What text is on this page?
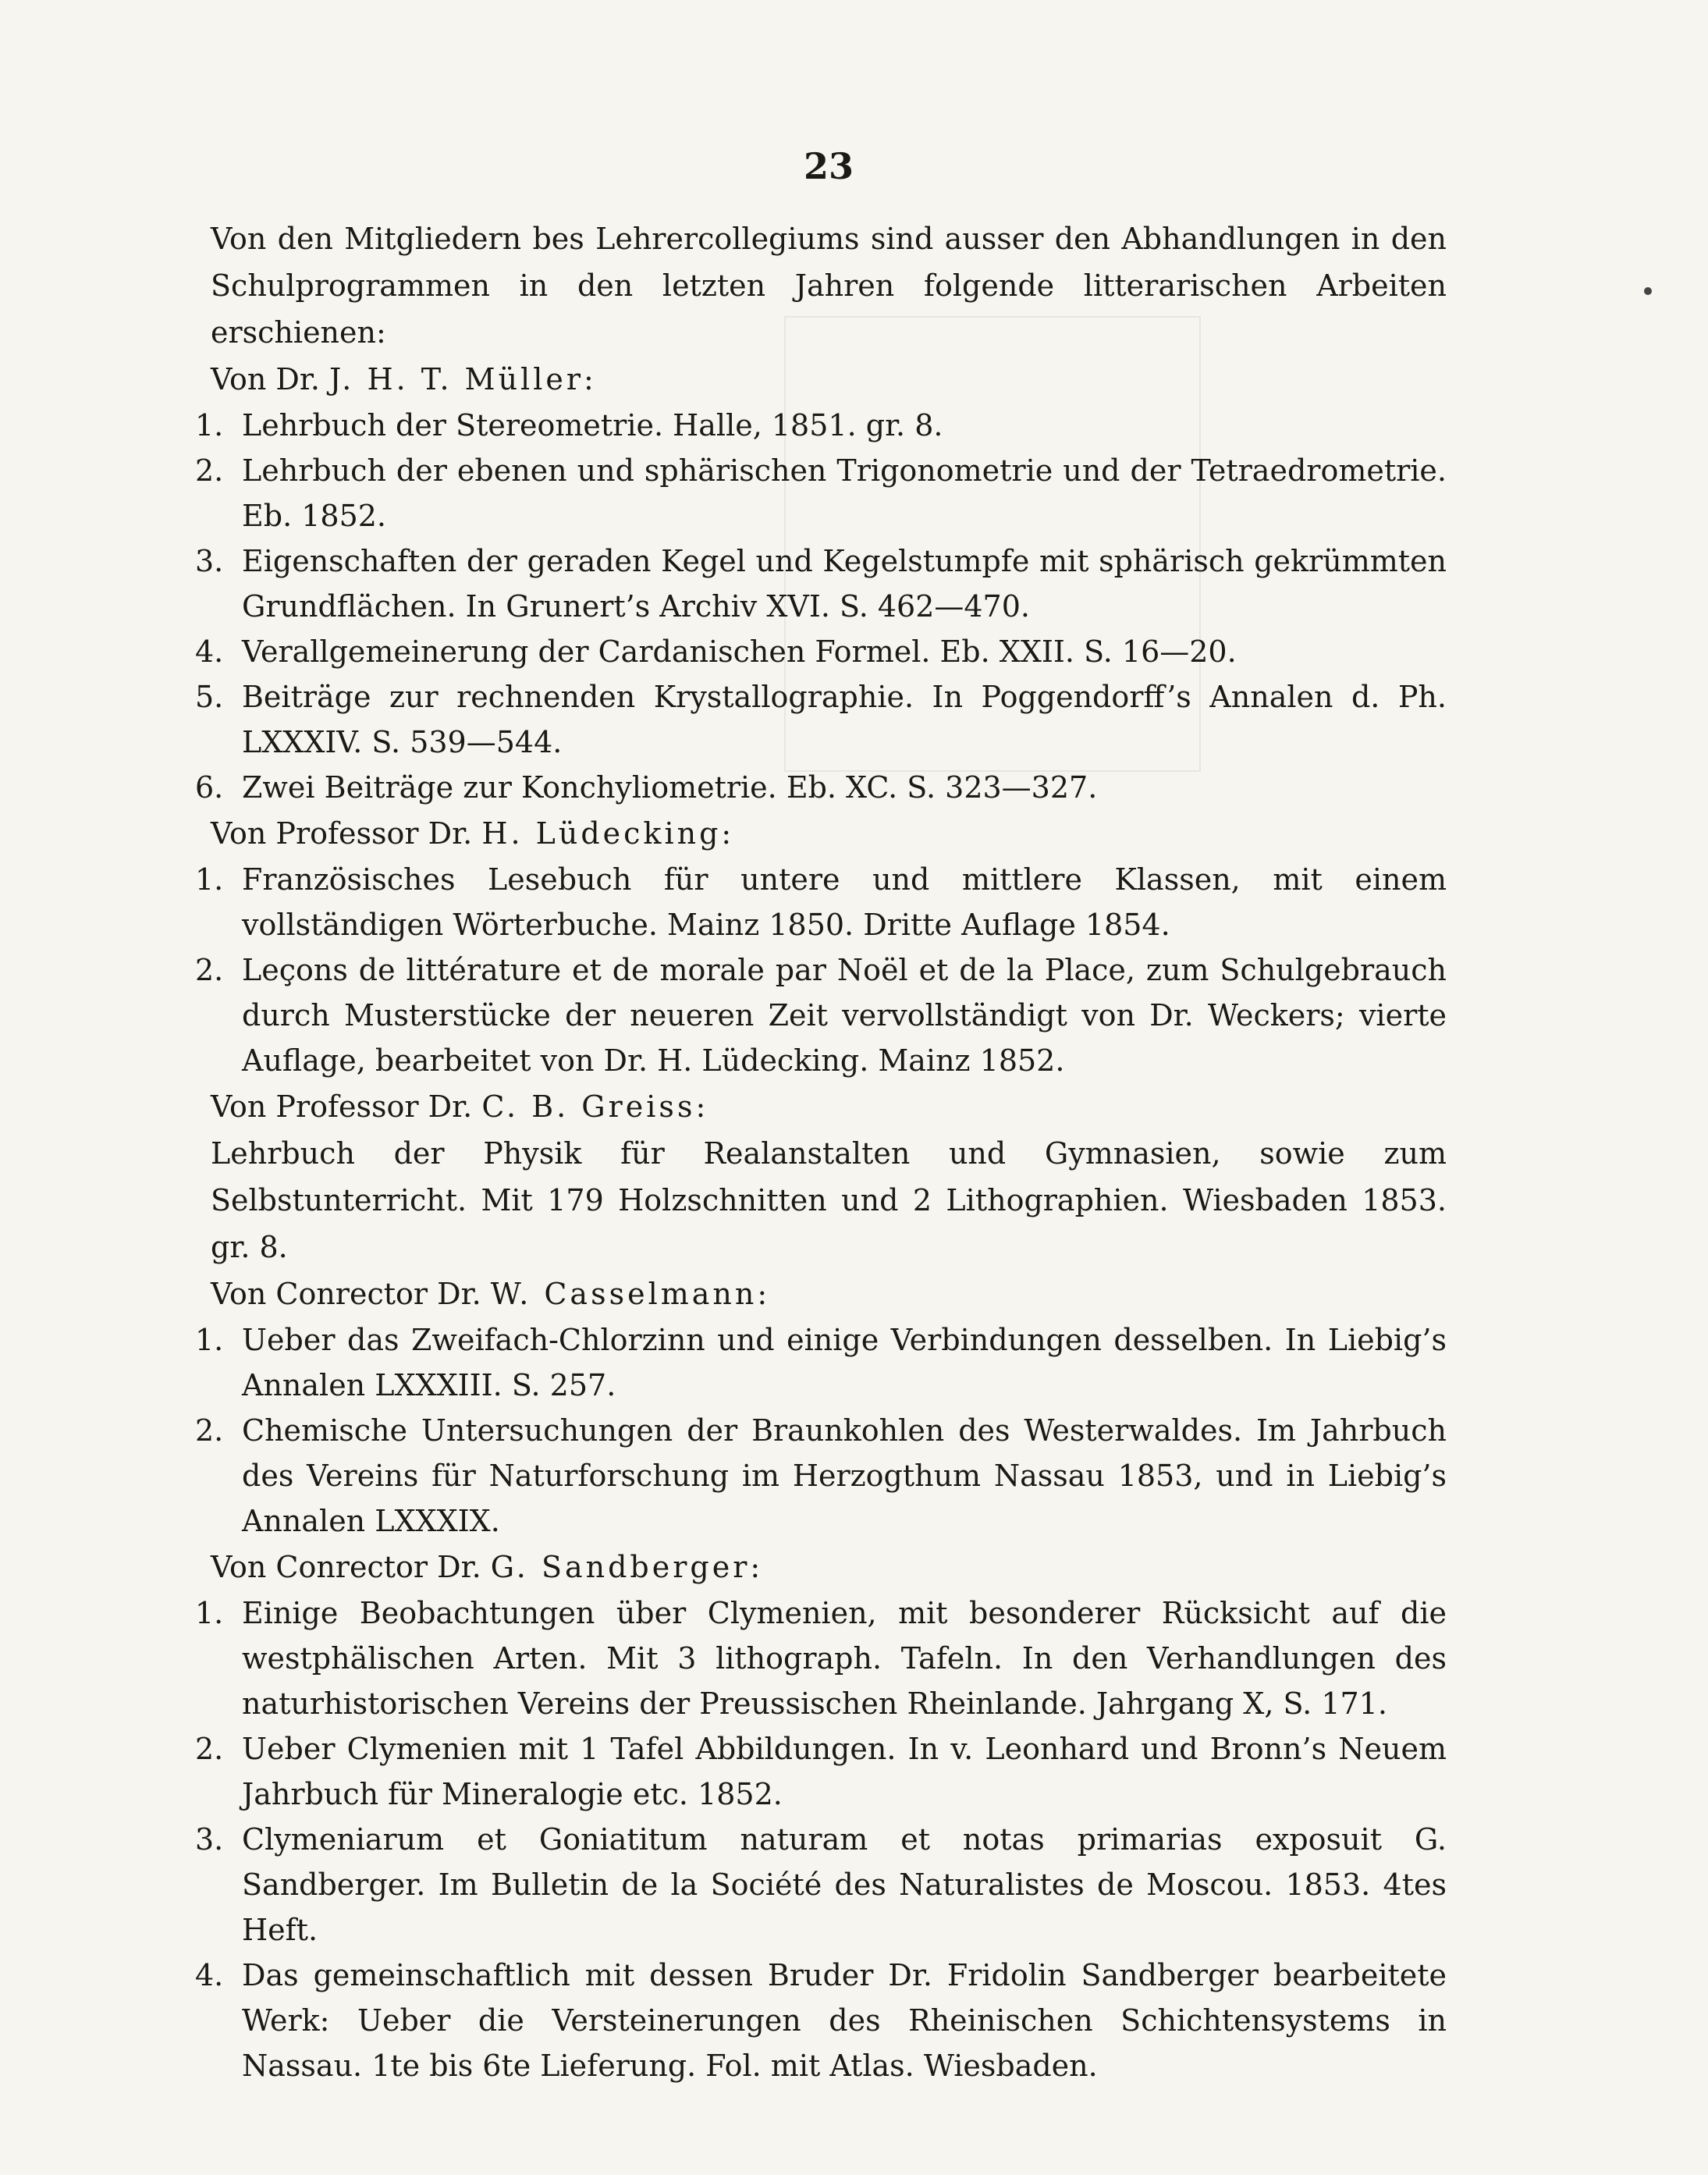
23

Von den Mitgliedern bes Lehrercollegiums sind ausser den Abhandlungen in den Schulprogrammen in den letzten Jahren folgende litterarischen Arbeiten erschienen:

Von Dr. J. H. T. Müller:

1. Lehrbuch der Stereometrie. Halle, 1851. gr. 8.
2. Lehrbuch der ebenen und sphärischen Trigonometrie und der Tetraedrometrie. Eb. 1852.
3. Eigenschaften der geraden Kegel und Kegelstumpfe mit sphärisch gekrümmten Grundflächen. In Grunert’s Archiv XVI. S. 462—470.
4. Verallgemeinerung der Cardanischen Formel. Eb. XXII. S. 16—20.
5. Beiträge zur rechnenden Krystallographie. In Poggendorff’s Annalen d. Ph. LXXXIV. S. 539—544.
6. Zwei Beiträge zur Konchyliometrie. Eb. XC. S. 323—327.

Von Professor Dr. H. Lüdecking:

1. Französisches Lesebuch für untere und mittlere Klassen, mit einem vollständigen Wörterbuche. Mainz 1850. Dritte Auflage 1854.
2. Leçons de littérature et de morale par Noël et de la Place, zum Schulgebrauch durch Musterstücke der neueren Zeit vervollständigt von Dr. Weckers; vierte Auflage, bearbeitet von Dr. H. Lüdecking. Mainz 1852.

Von Professor Dr. C. B. Greiss:

Lehrbuch der Physik für Realanstalten und Gymnasien, sowie zum Selbstunterricht. Mit 179 Holzschnitten und 2 Lithographien. Wiesbaden 1853. gr. 8.

Von Conrector Dr. W. Casselmann:

1. Ueber das Zweifach-Chlorzinn und einige Verbindungen desselben. In Liebig’s Annalen LXXXIII. S. 257.
2. Chemische Untersuchungen der Braunkohlen des Westerwaldes. Im Jahrbuch des Vereins für Naturforschung im Herzogthum Nassau 1853, und in Liebig’s Annalen LXXXIX.

Von Conrector Dr. G. Sandberger:

1. Einige Beobachtungen über Clymenien, mit besonderer Rücksicht auf die westphälischen Arten. Mit 3 lithograph. Tafeln. In den Verhandlungen des naturhistorischen Vereins der Preussischen Rheinlande. Jahrgang X, S. 171.
2. Ueber Clymenien mit 1 Tafel Abbildungen. In v. Leonhard und Bronn’s Neuem Jahrbuch für Mineralogie etc. 1852.
3. Clymeniarum et Goniatitum naturam et notas primarias exposuit G. Sandberger. Im Bulletin de la Société des Naturalistes de Moscou. 1853. 4tes Heft.
4. Das gemeinschaftlich mit dessen Bruder Dr. Fridolin Sandberger bearbeitete Werk: Ueber die Versteinerungen des Rheinischen Schichtensystems in Nassau. 1te bis 6te Lieferung. Fol. mit Atlas. Wiesbaden.
